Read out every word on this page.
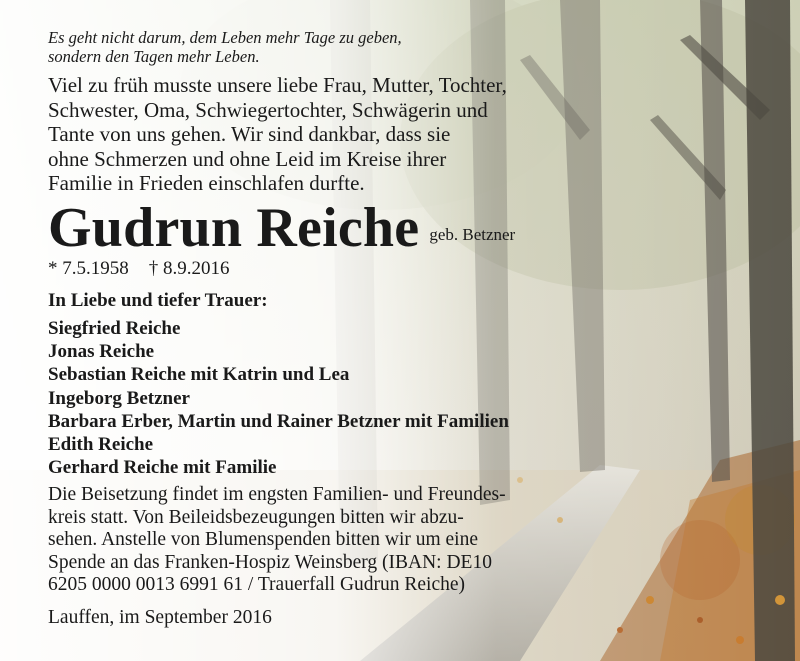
Es geht nicht darum, dem Leben mehr Tage zu geben,
sondern den Tagen mehr Leben.

Viel zu früh musste unsere liebe Frau, Mutter, Tochter,
Schwester, Oma, Schwiegertochter, Schwägerin und
Tante von uns gehen. Wir sind dankbar, dass sie
ohne Schmerzen und ohne Leid im Kreise ihrer
Familie in Frieden einschlafen durfte.

Gudrun Reiche geb. Betzner
* 7.5.1958 † 8.9.2016

In Liebe und tiefer Trauer:

Siegfried Reiche
Jonas Reiche
Sebastian Reiche mit Katrin und Lea
Ingeborg Betzner
Barbara Erber, Martin und Rainer Betzner mit Familien
Edith Reiche
Gerhard Reiche mit Familie

Die Beisetzung findet im engsten Familien- und Freundes-
kreis statt. Von Beileidsbezeugungen bitten wir abzu-
sehen. Anstelle von Blumenspenden bitten wir um eine
Spende an das Franken-Hospiz Weinsberg (IBAN: DE10
6205 0000 0013 6991 61 / Trauerfall Gudrun Reiche)

Lauffen, im September 2016
